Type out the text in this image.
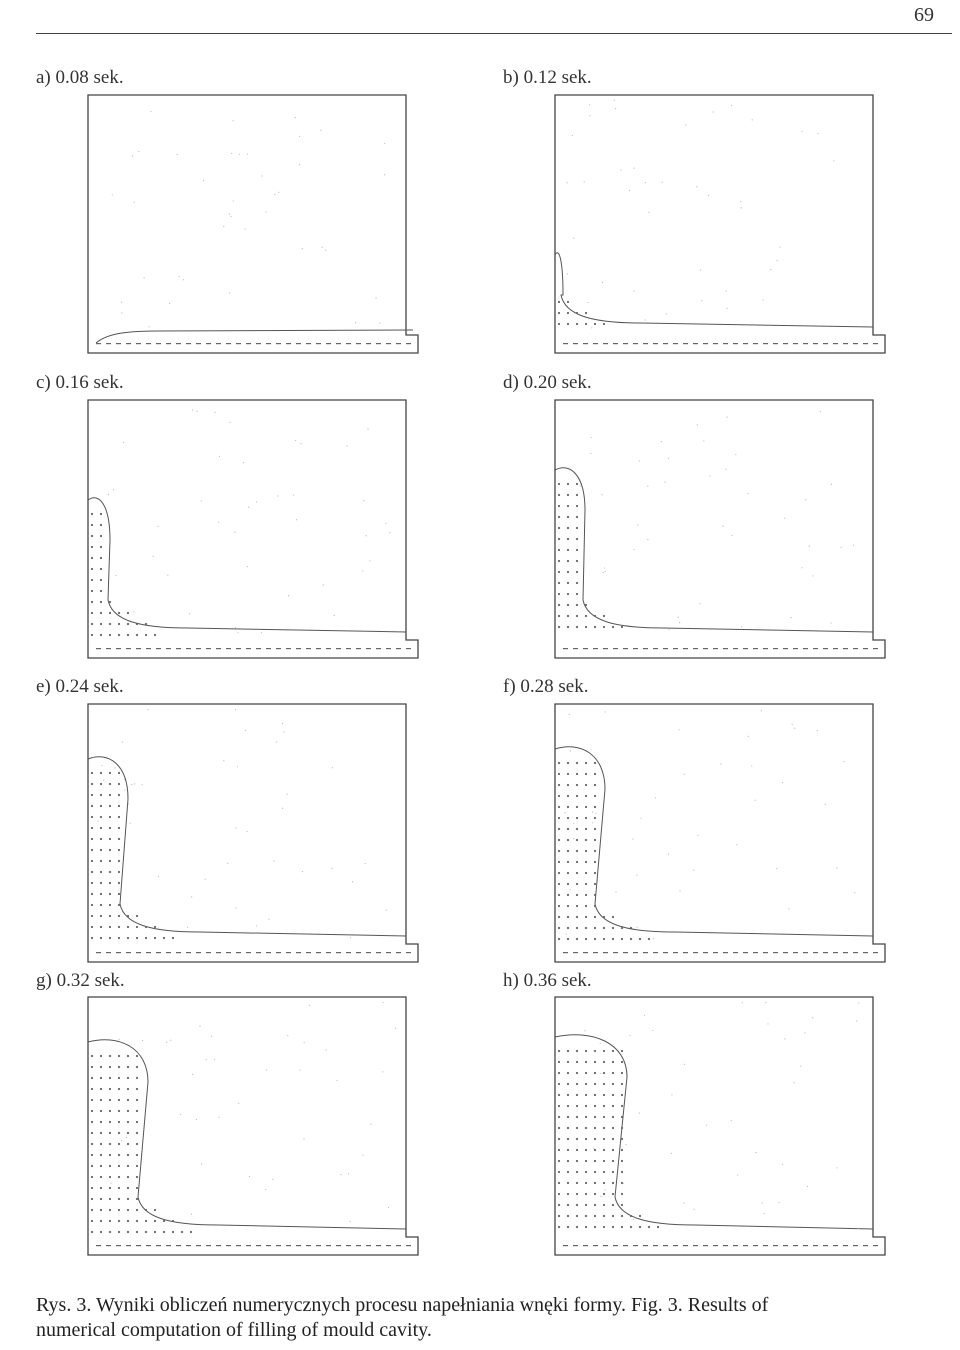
69
a) 0.08 sek.	b) 0.12 sek.
c) 0.16 sek.	d) 0.20 sek.
e) 0.24 sek.	f) 0.28 sek.
g) 0.32 sek.	h) 0.36 sek.
Rys. 3. Wyniki obliczeń numerycznych procesu napełniania wnęki formy. Fig. 3. Results of
numerical computation of filling of mould cavity.
